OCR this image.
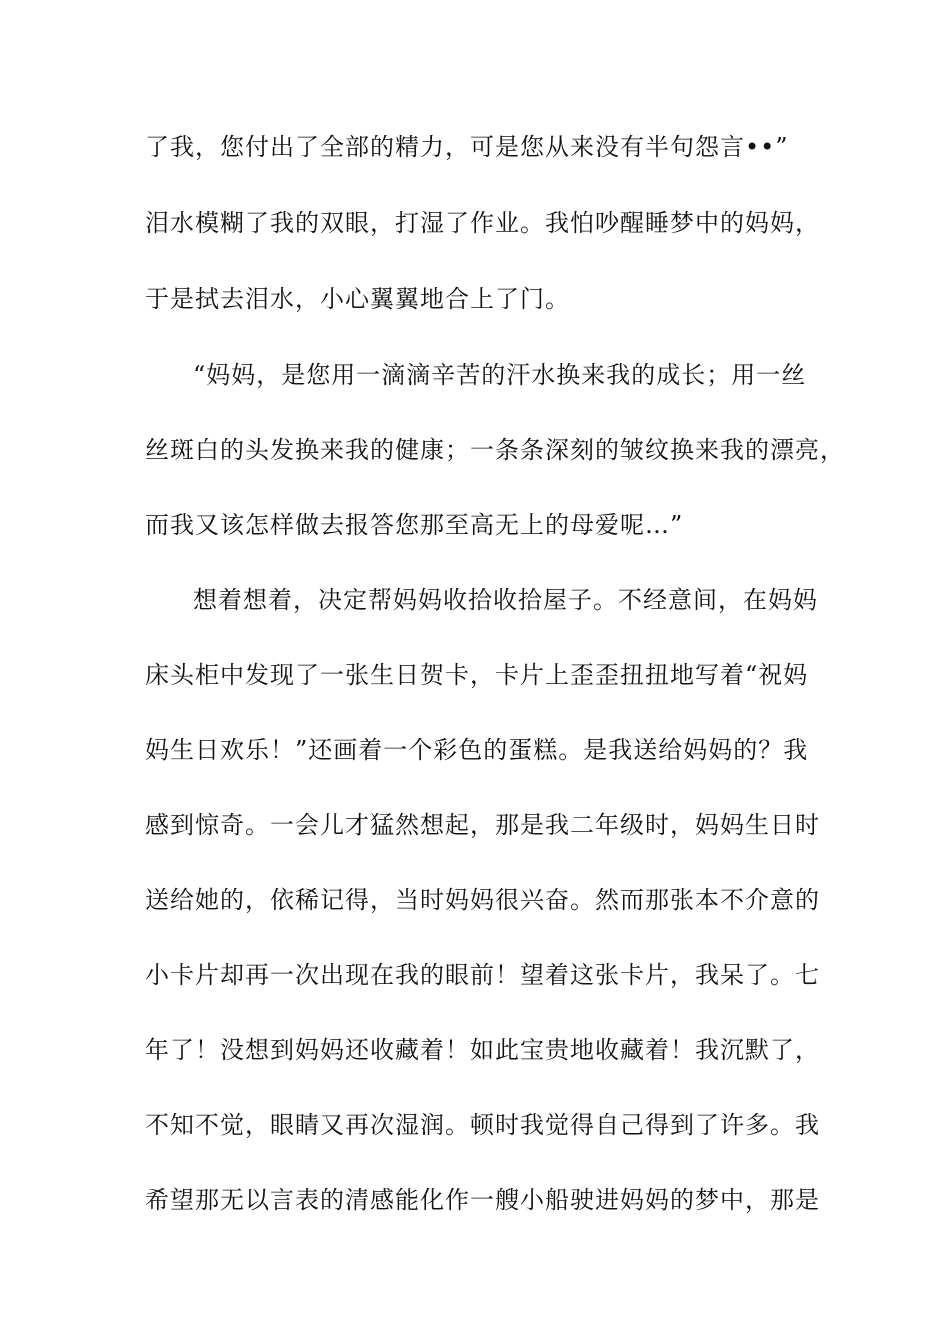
了我，您付出了全部的精力，可是您从来没有半句怨言••”
泪水模糊了我的双眼，打湿了作业。我怕吵醒睡梦中的妈妈，
于是拭去泪水，小心翼翼地合上了门。
“妈妈，是您用一滴滴辛苦的汗水换来我的成长；用一丝
丝斑白的头发换来我的健康；一条条深刻的皱纹换来我的漂亮，
而我又该怎样做去报答您那至高无上的母爱呢…”
想着想着，决定帮妈妈收拾收拾屋子。不经意间，在妈妈
床头柜中发现了一张生日贺卡，卡片上歪歪扭扭地写着“祝妈
妈生日欢乐！”还画着一个彩色的蛋糕。是我送给妈妈的？我
感到惊奇。一会儿才猛然想起，那是我二年级时，妈妈生日时
送给她的，依稀记得，当时妈妈很兴奋。然而那张本不介意的
小卡片却再一次出现在我的眼前！望着这张卡片，我呆了。七
年了！没想到妈妈还收藏着！如此宝贵地收藏着！我沉默了，
不知不觉，眼睛又再次湿润。顿时我觉得自己得到了许多。我
希望那无以言表的清感能化作一艘小船驶进妈妈的梦中，那是
